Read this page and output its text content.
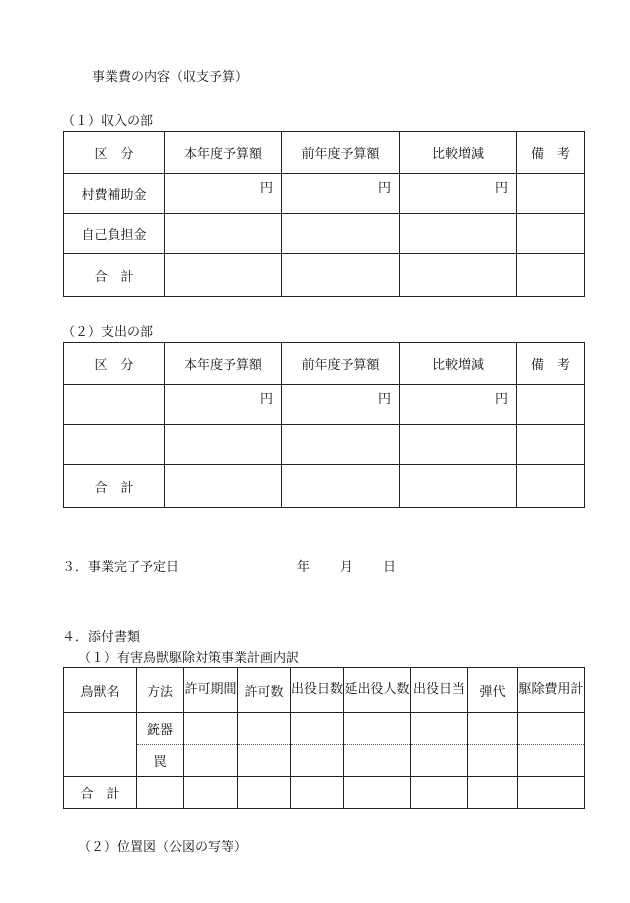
事業費の内容（収支予算）
（１）収入の部
区　分	本年度予算額	前年度予算額	比較増減	備　考
村費補助金	円	円	円	
自己負担金				
合　計				
（２）支出の部
区　分	本年度予算額	前年度予算額	比較増減	備　考
	円	円	円	

合　計				
３．事業完了予定日	年 月 日
４．添付書類
（１）有害鳥獣駆除対策事業計画内訳
鳥獣名	方法	許可期間	許可数	出役日数	延出役人数	出役日当	弾代	駆除費用計
	銃器							
	罠							
合　計								
（２）位置図（公図の写等）
